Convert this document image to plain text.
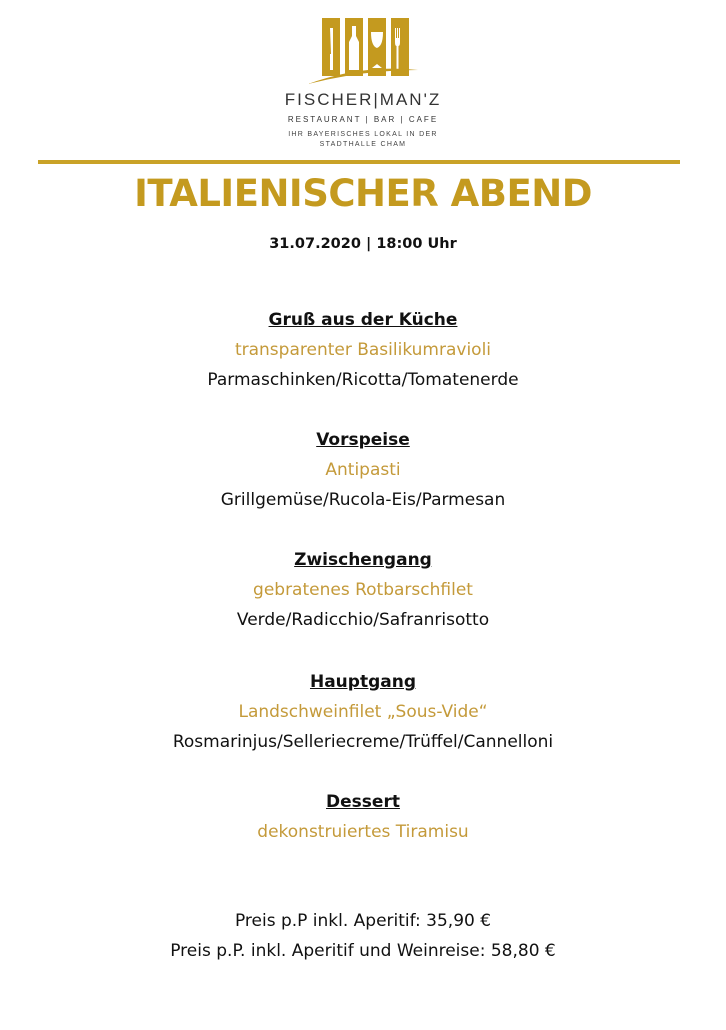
FISCHER|MAN'Z
RESTAURANT | BAR | CAFE
IHR BAYERISCHES LOKAL IN DER
STADTHALLE CHAM
ITALIENISCHER ABEND
31.07.2020 | 18:00 Uhr
Gruß aus der Küche
transparenter Basilikumravioli
Parmaschinken/Ricotta/Tomatenerde
Vorspeise
Antipasti
Grillgemüse/Rucola-Eis/Parmesan
Zwischengang
gebratenes Rotbarschfilet
Verde/Radicchio/Safranrisotto
Hauptgang
Landschweinfilet „Sous-Vide“
Rosmarinjus/Selleriecreme/Trüffel/Cannelloni
Dessert
dekonstruiertes Tiramisu
Preis p.P inkl. Aperitif: 35,90 €
Preis p.P. inkl. Aperitif und Weinreise: 58,80 €
